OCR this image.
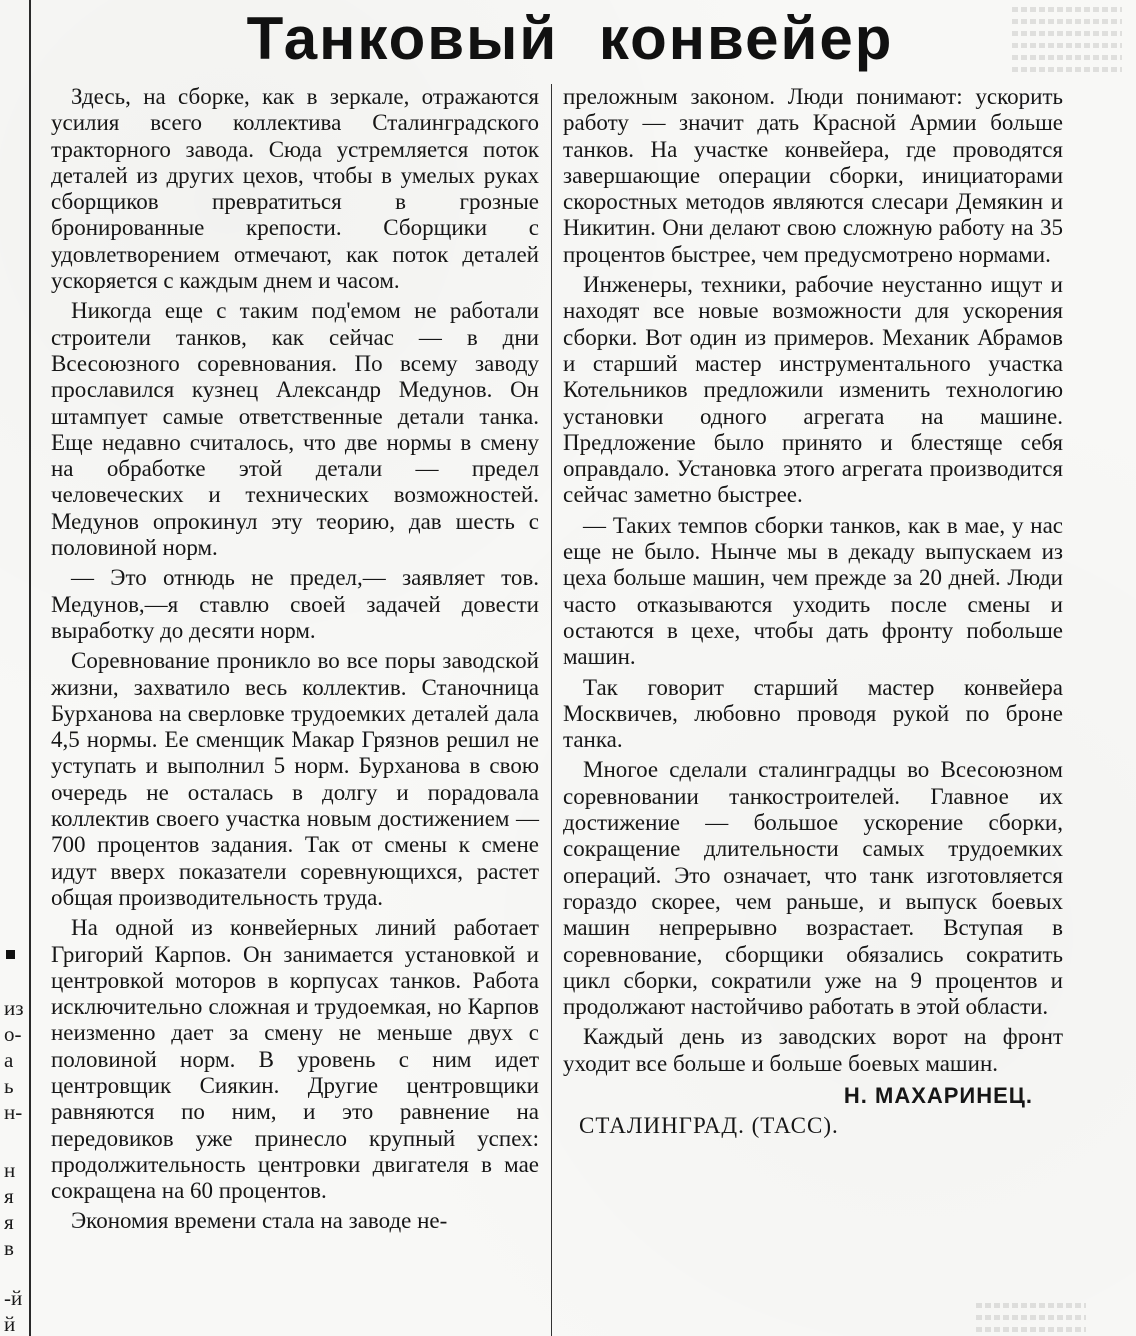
из
о-
а
ь
н-
н
я
я
в
-й
й
Танковый конвейер

Здесь, на сборке, как в зеркале, отражаются усилия всего коллектива Сталинградского тракторного завода. Сюда устремляется поток деталей из других цехов, чтобы в умелых руках сборщиков превратиться в грозные бронированные крепости. Сборщики с удовлетворением отмечают, как поток деталей ускоряется с каждым днем и часом.

Никогда еще с таким под'емом не работали строители танков, как сейчас — в дни Всесоюзного соревнования. По всему заводу прославился кузнец Александр Медунов. Он штампует самые ответственные детали танка. Еще недавно считалось, что две нормы в смену на обработке этой детали — предел человеческих и технических возможностей. Медунов опрокинул эту теорию, дав шесть с половиной норм.

— Это отнюдь не предел,— заявляет тов. Медунов,—я ставлю своей задачей довести выработку до десяти норм.

Соревнование проникло во все поры заводской жизни, захватило весь коллектив. Станочница Бурханова на сверловке трудоемких деталей дала 4,5 нормы. Ее сменщик Макар Грязнов решил не уступать и выполнил 5 норм. Бурханова в свою очередь не осталась в долгу и порадовала коллектив своего участка новым достижением — 700 процентов задания. Так от смены к смене идут вверх показатели соревнующихся, растет общая производительность труда.

На одной из конвейерных линий работает Григорий Карпов. Он занимается установкой и центровкой моторов в корпусах танков. Работа исключительно сложная и трудоемкая, но Карпов неизменно дает за смену не меньше двух с половиной норм. В уровень с ним идет центровщик Сиякин. Другие центровщики равняются по ним, и это равнение на передовиков уже принесло крупный успех: продолжительность центровки двигателя в мае сокращена на 60 процентов.

Экономия времени стала на заводе не-

преложным законом. Люди понимают: ускорить работу — значит дать Красной Армии больше танков. На участке конвейера, где проводятся завершающие операции сборки, инициаторами скоростных методов являются слесари Демякин и Никитин. Они делают свою сложную работу на 35 процентов быстрее, чем предусмотрено нормами.

Инженеры, техники, рабочие неустанно ищут и находят все новые возможности для ускорения сборки. Вот один из примеров. Механик Абрамов и старший мастер инструментального участка Котельников предложили изменить технологию установки одного агрегата на машине. Предложение было принято и блестяще себя оправдало. Установка этого агрегата производится сейчас заметно быстрее.

— Таких темпов сборки танков, как в мае, у нас еще не было. Нынче мы в декаду выпускаем из цеха больше машин, чем прежде за 20 дней. Люди часто отказываются уходить после смены и остаются в цехе, чтобы дать фронту побольше машин.

Так говорит старший мастер конвейера Москвичев, любовно проводя рукой по броне танка.

Многое сделали сталинградцы во Всесоюзном соревновании танкостроителей. Главное их достижение — большое ускорение сборки, сокращение длительности самых трудоемких операций. Это означает, что танк изготовляется гораздо скорее, чем раньше, и выпуск боевых машин непрерывно возрастает. Вступая в соревнование, сборщики обязались сократить цикл сборки, сократили уже на 9 процентов и продолжают настойчиво работать в этой области.

Каждый день из заводских ворот на фронт уходит все больше и больше боевых машин.

Н. МАХАРИНЕЦ.
СТАЛИНГРАД. (ТАСС).
